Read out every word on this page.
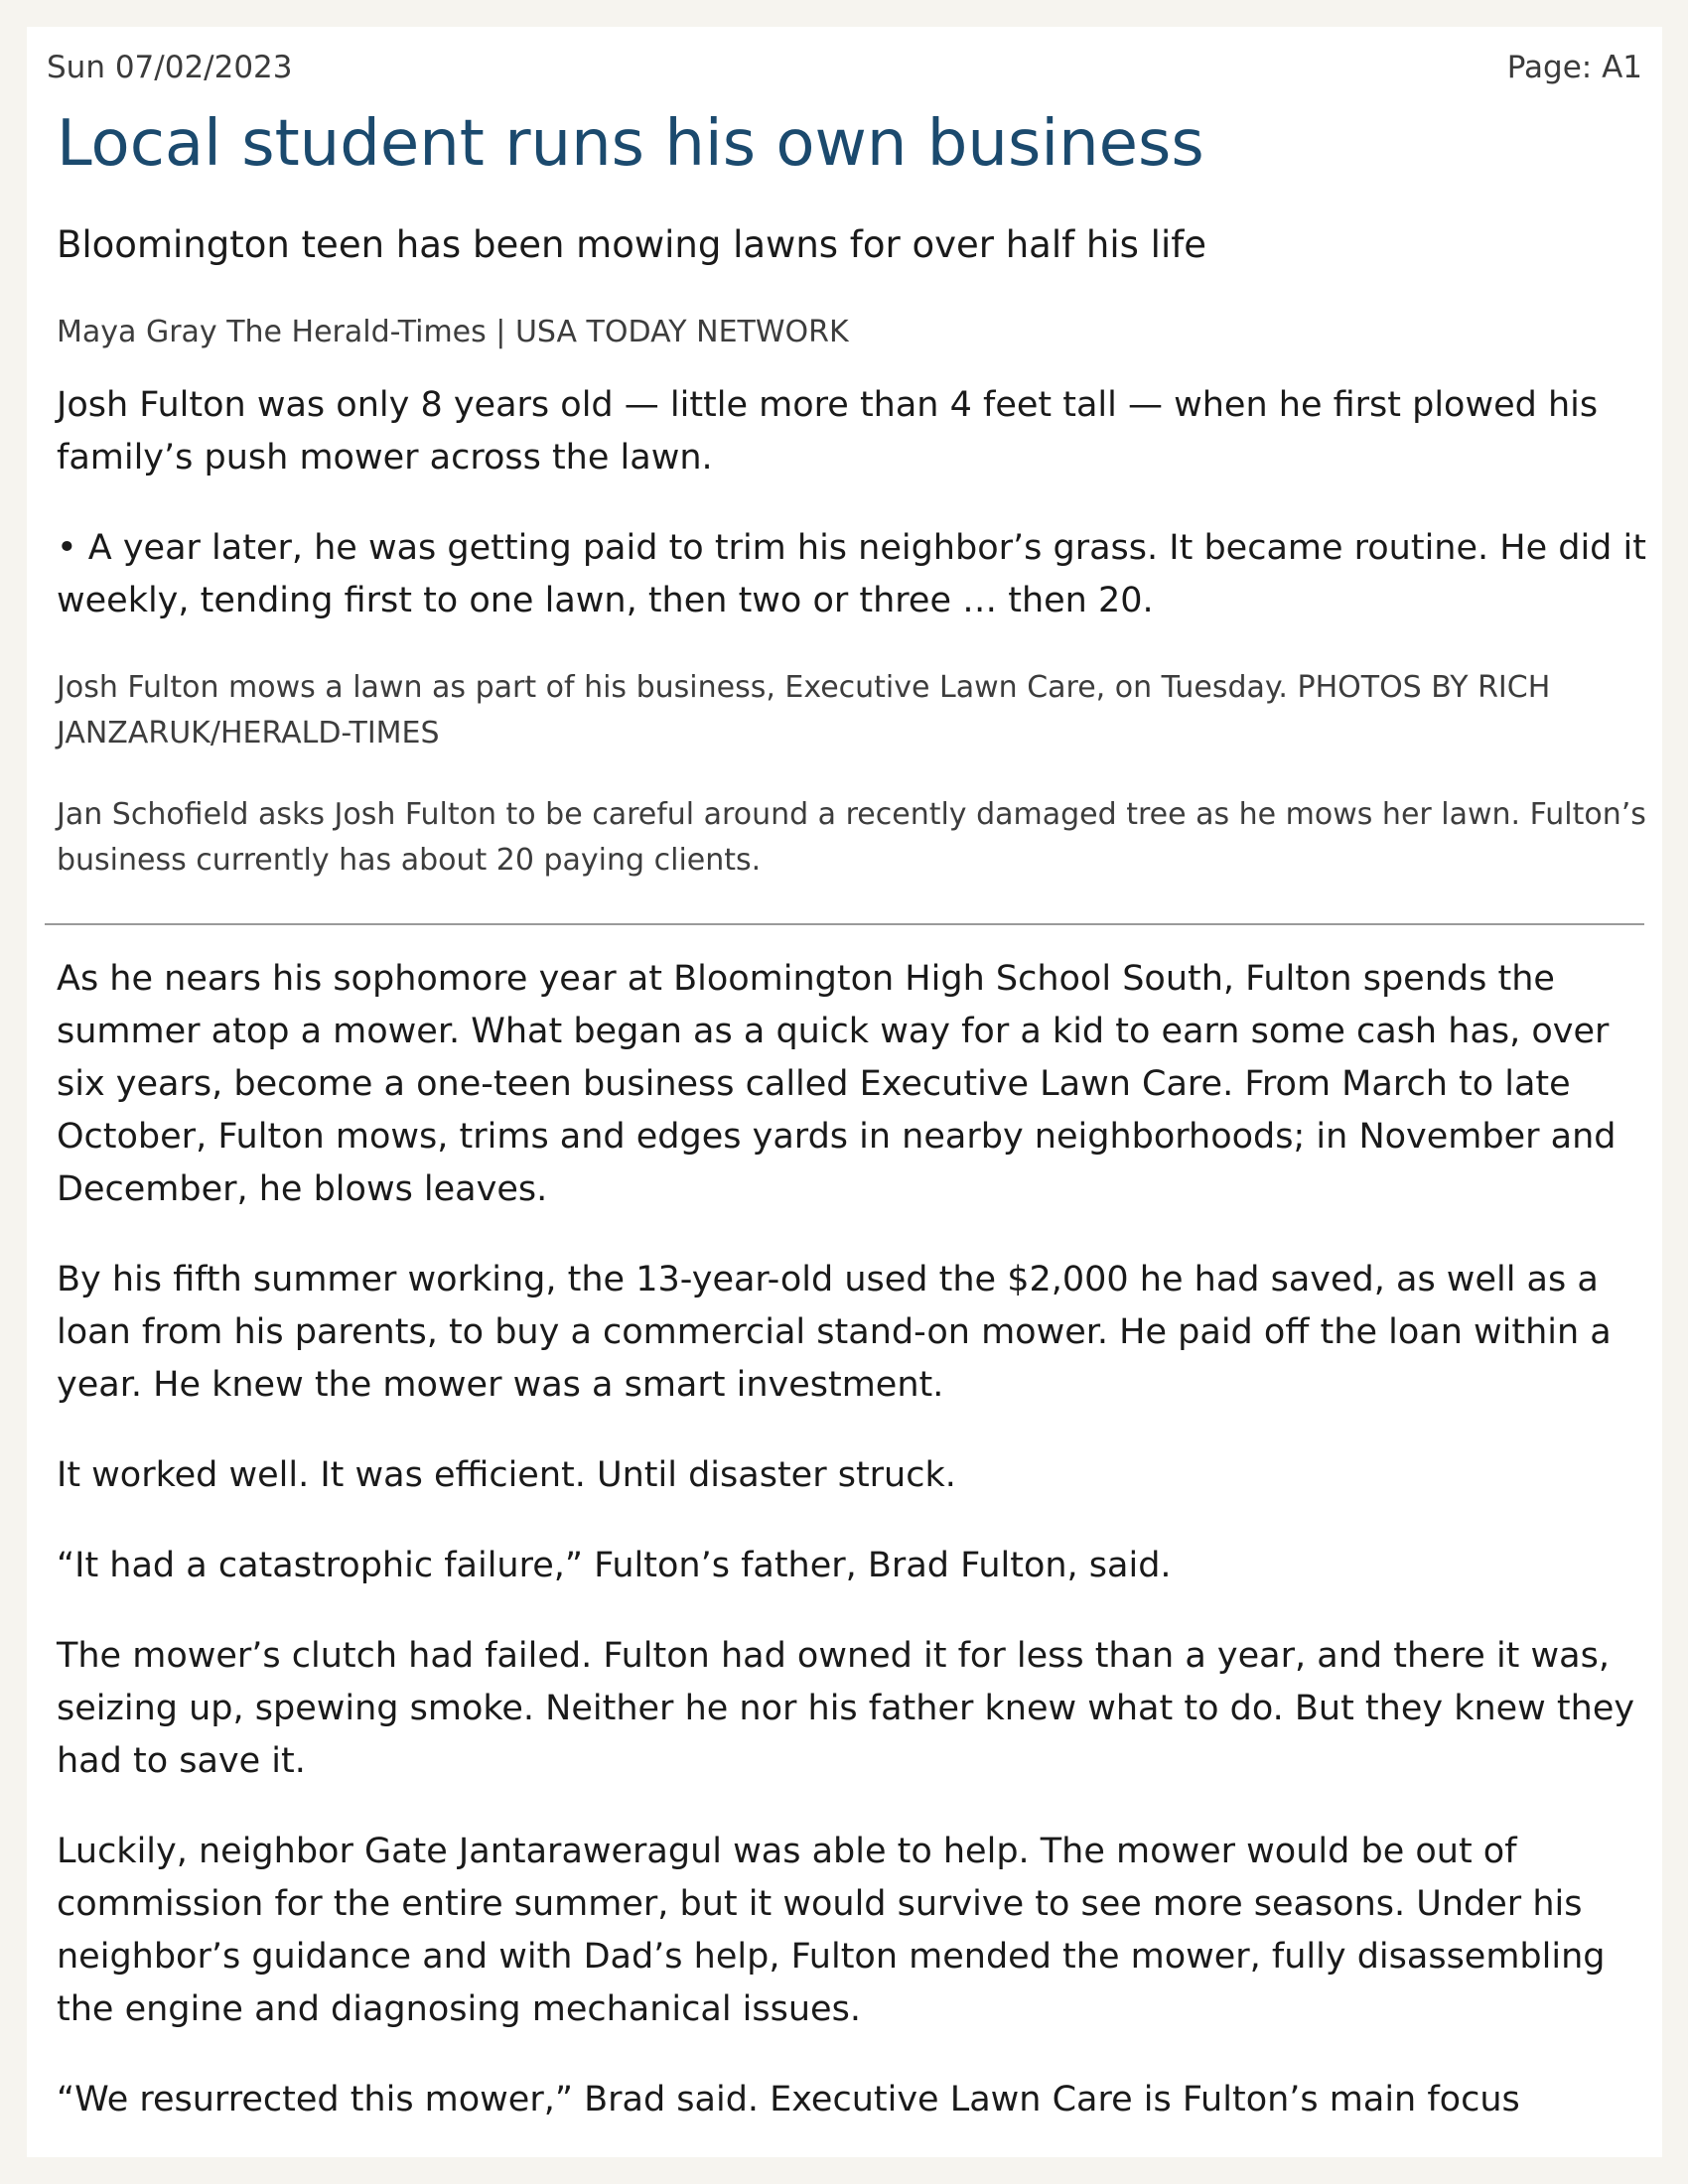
Sun 07/02/2023	Page: A1
Local student runs his own business

Bloomington teen has been mowing lawns for over half his life

Maya Gray The Herald-Times | USA TODAY NETWORK

Josh Fulton was only 8 years old — little more than 4 feet tall — when he first plowed his family’s push mower across the lawn.

• A year later, he was getting paid to trim his neighbor’s grass. It became routine. He did it weekly, tending first to one lawn, then two or three … then 20.

Josh Fulton mows a lawn as part of his business, Executive Lawn Care, on Tuesday. PHOTOS BY RICH JANZARUK/HERALD-TIMES

Jan Schofield asks Josh Fulton to be careful around a recently damaged tree as he mows her lawn. Fulton’s business currently has about 20 paying clients.

As he nears his sophomore year at Bloomington High School South, Fulton spends the summer atop a mower. What began as a quick way for a kid to earn some cash has, over six years, become a one-teen business called Executive Lawn Care. From March to late October, Fulton mows, trims and edges yards in nearby neighborhoods; in November and December, he blows leaves.

By his fifth summer working, the 13-year-old used the $2,000 he had saved, as well as a loan from his parents, to buy a commercial stand-on mower. He paid off the loan within a year. He knew the mower was a smart investment.

It worked well. It was efficient. Until disaster struck.

“It had a catastrophic failure,” Fulton’s father, Brad Fulton, said.

The mower’s clutch had failed. Fulton had owned it for less than a year, and there it was, seizing up, spewing smoke. Neither he nor his father knew what to do. But they knew they had to save it.

Luckily, neighbor Gate Jantaraweragul was able to help. The mower would be out of commission for the entire summer, but it would survive to see more seasons. Under his neighbor’s guidance and with Dad’s help, Fulton mended the mower, fully disassembling the engine and diagnosing mechanical issues.

“We resurrected this mower,” Brad said. Executive Lawn Care is Fulton’s main focus
